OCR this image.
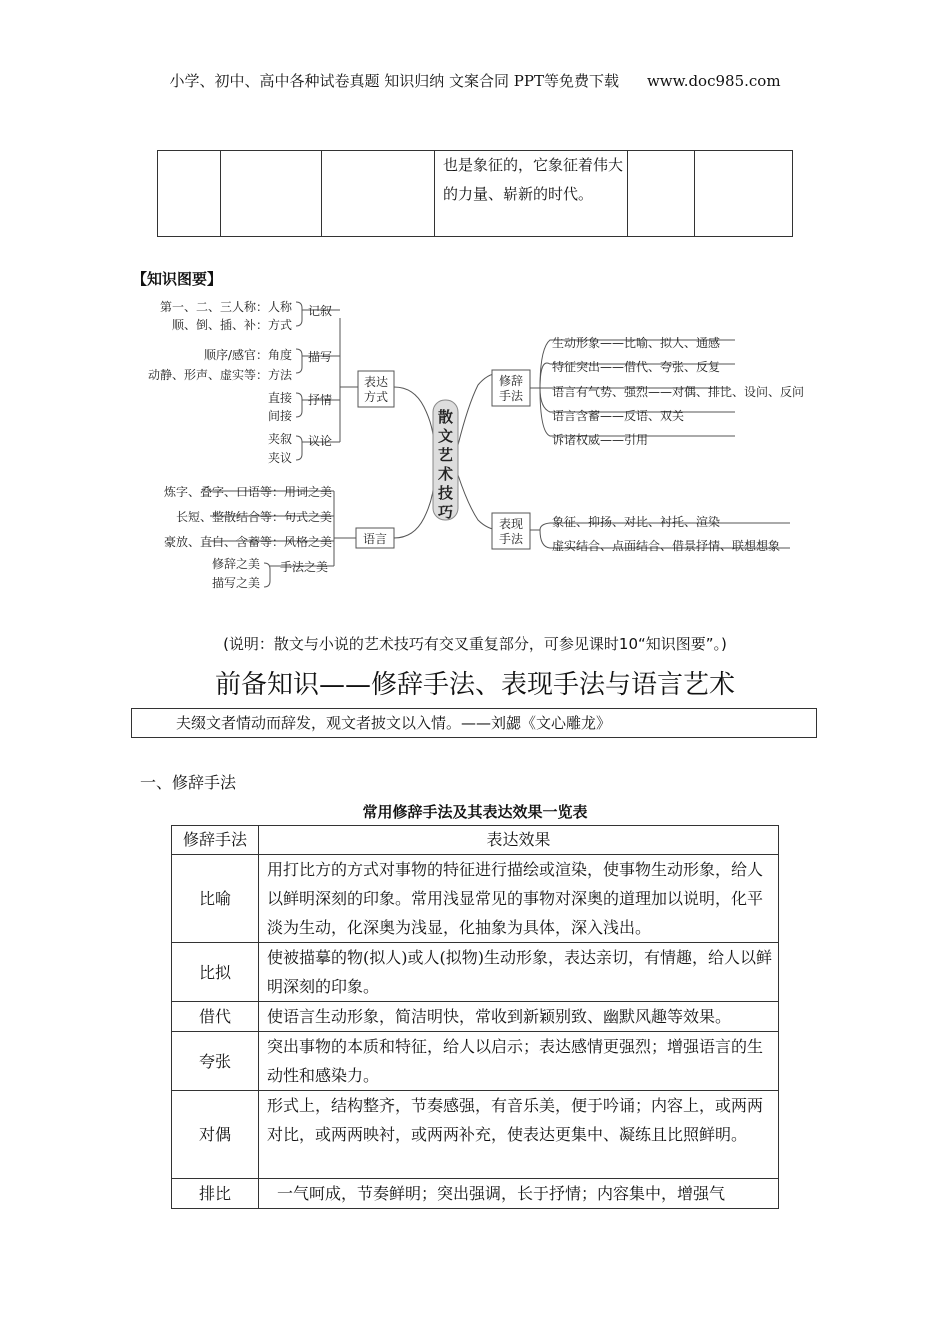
小学、初中、高中各种试卷真题 知识归纳 文案合同 PPT等免费下载 www.doc985.com
			也是象征的，它象征着伟大的力量、崭新的时代。		
【知识图要】
散
文
艺
术
技
巧
表达
方式
语言
修辞
手法
表现
手法
记叙
描写
抒情
议论
第一、二、三人称：人称
顺、倒、插、补：方式
顺序/感官：角度
动静、形声、虚实等：方法
直接
间接
夹叙
夹议
炼字、叠字、口语等：用词之美
长短、整散结合等：句式之美
豪放、直白、含蓄等：风格之美
修辞之美
描写之美
手法之美
生动形象——比喻、拟人、通感
特征突出——借代、夸张、反复
语言有气势、强烈——对偶、排比、设问、反问
语言含蓄——反语、双关
诉诸权威——引用
象征、抑扬、对比、衬托、渲染
虚实结合、点面结合、借景抒情、联想想象
(说明：散文与小说的艺术技巧有交叉重复部分，可参见课时10“知识图要”。)
前备知识——修辞手法、表现手法与语言艺术
夫缀文者情动而辞发，观文者披文以入情。——刘勰《文心雕龙》
一、修辞手法
常用修辞手法及其表达效果一览表
修辞手法	表达效果
比喻	用打比方的方式对事物的特征进行描绘或渲染，使事物生动形象，给人以鲜明深刻的印象。常用浅显常见的事物对深奥的道理加以说明，化平淡为生动，化深奥为浅显，化抽象为具体，深入浅出。
比拟	使被描摹的物(拟人)或人(拟物)生动形象，表达亲切，有情趣，给人以鲜明深刻的印象。
借代	使语言生动形象，简洁明快，常收到新颖别致、幽默风趣等效果。
夸张	突出事物的本质和特征，给人以启示；表达感情更强烈；增强语言的生动性和感染力。
对偶	形式上，结构整齐，节奏感强，有音乐美，便于吟诵；内容上，或两两对比，或两两映衬，或两两补充，使表达更集中、凝练且比照鲜明。
排比	一气呵成，节奏鲜明；突出强调，长于抒情；内容集中，增强气
